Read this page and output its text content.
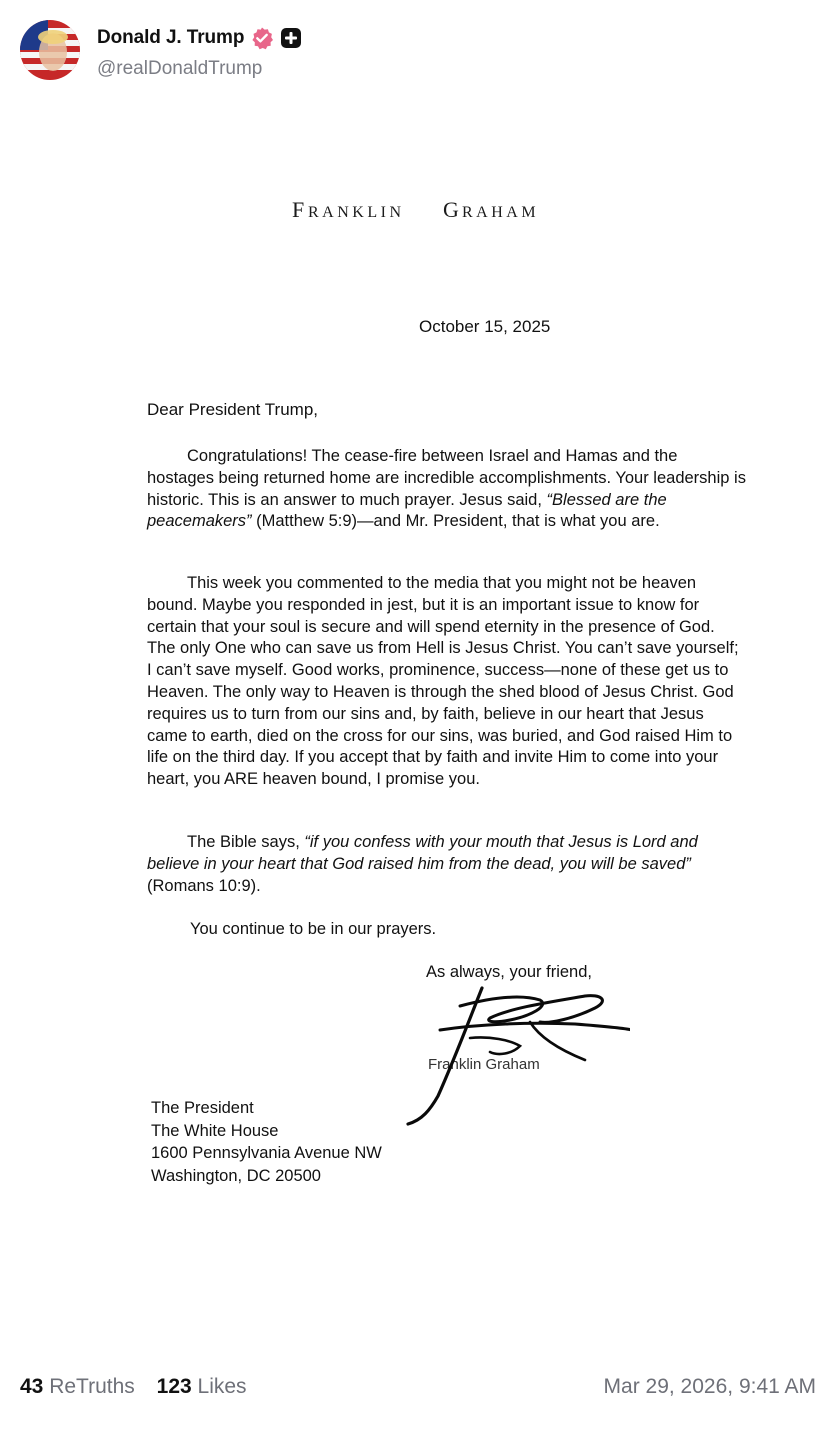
Donald J. Trump
@realDonaldTrump
F RANKLIN G RAHAM
October 15, 2025
Dear President Trump,
Congratulations! The cease-fire between Israel and Hamas and the hostages being returned home are incredible accomplishments. Your leadership is historic. This is an answer to much prayer. Jesus said, “Blessed are the peacemakers” (Matthew 5:9)—and Mr. President, that is what you are.
This week you commented to the media that you might not be heaven bound. Maybe you responded in jest, but it is an important issue to know for certain that your soul is secure and will spend eternity in the presence of God. The only One who can save us from Hell is Jesus Christ. You can’t save yourself; I can’t save myself. Good works, prominence, success—none of these get us to Heaven. The only way to Heaven is through the shed blood of Jesus Christ. God requires us to turn from our sins and, by faith, believe in our heart that Jesus came to earth, died on the cross for our sins, was buried, and God raised Him to life on the third day. If you accept that by faith and invite Him to come into your heart, you ARE heaven bound, I promise you.
The Bible says, “if you confess with your mouth that Jesus is Lord and believe in your heart that God raised him from the dead, you will be saved” (Romans 10:9).
You continue to be in our prayers.
As always, your friend,
Franklin Graham
The President
The White House
1600 Pennsylvania Avenue NW
Washington, DC 20500
43 ReTruths 123 Likes	Mar 29, 2026, 9:41 AM
